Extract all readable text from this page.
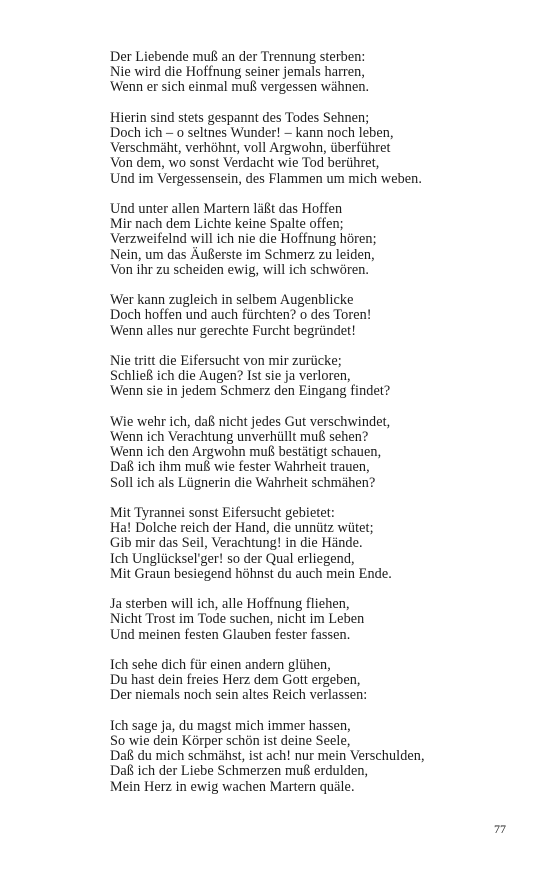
Der Liebende muß an der Trennung sterben:
Nie wird die Hoffnung seiner jemals harren,
Wenn er sich einmal muß vergessen wähnen.
Hierin sind stets gespannt des Todes Sehnen;
Doch ich – o seltnes Wunder! – kann noch leben,
Verschmäht, verhöhnt, voll Argwohn, überführet
Von dem, wo sonst Verdacht wie Tod berühret,
Und im Vergessensein, des Flammen um mich weben.
Und unter allen Martern läßt das Hoffen
Mir nach dem Lichte keine Spalte offen;
Verzweifelnd will ich nie die Hoffnung hören;
Nein, um das Äußerste im Schmerz zu leiden,
Von ihr zu scheiden ewig, will ich schwören.
Wer kann zugleich in selbem Augenblicke
Doch hoffen und auch fürchten? o des Toren!
Wenn alles nur gerechte Furcht begründet!
Nie tritt die Eifersucht von mir zurücke;
Schließ ich die Augen? Ist sie ja verloren,
Wenn sie in jedem Schmerz den Eingang findet?
Wie wehr ich, daß nicht jedes Gut verschwindet,
Wenn ich Verachtung unverhüllt muß sehen?
Wenn ich den Argwohn muß bestätigt schauen,
Daß ich ihm muß wie fester Wahrheit trauen,
Soll ich als Lügnerin die Wahrheit schmähen?
Mit Tyrannei sonst Eifersucht gebietet:
Ha! Dolche reich der Hand, die unnütz wütet;
Gib mir das Seil, Verachtung! in die Hände.
Ich Unglücksel'ger! so der Qual erliegend,
Mit Graun besiegend höhnst du auch mein Ende.
Ja sterben will ich, alle Hoffnung fliehen,
Nicht Trost im Tode suchen, nicht im Leben
Und meinen festen Glauben fester fassen.
Ich sehe dich für einen andern glühen,
Du hast dein freies Herz dem Gott ergeben,
Der niemals noch sein altes Reich verlassen:
Ich sage ja, du magst mich immer hassen,
So wie dein Körper schön ist deine Seele,
Daß du mich schmähst, ist ach! nur mein Verschulden,
Daß ich der Liebe Schmerzen muß erdulden,
Mein Herz in ewig wachen Martern quäle.
77
